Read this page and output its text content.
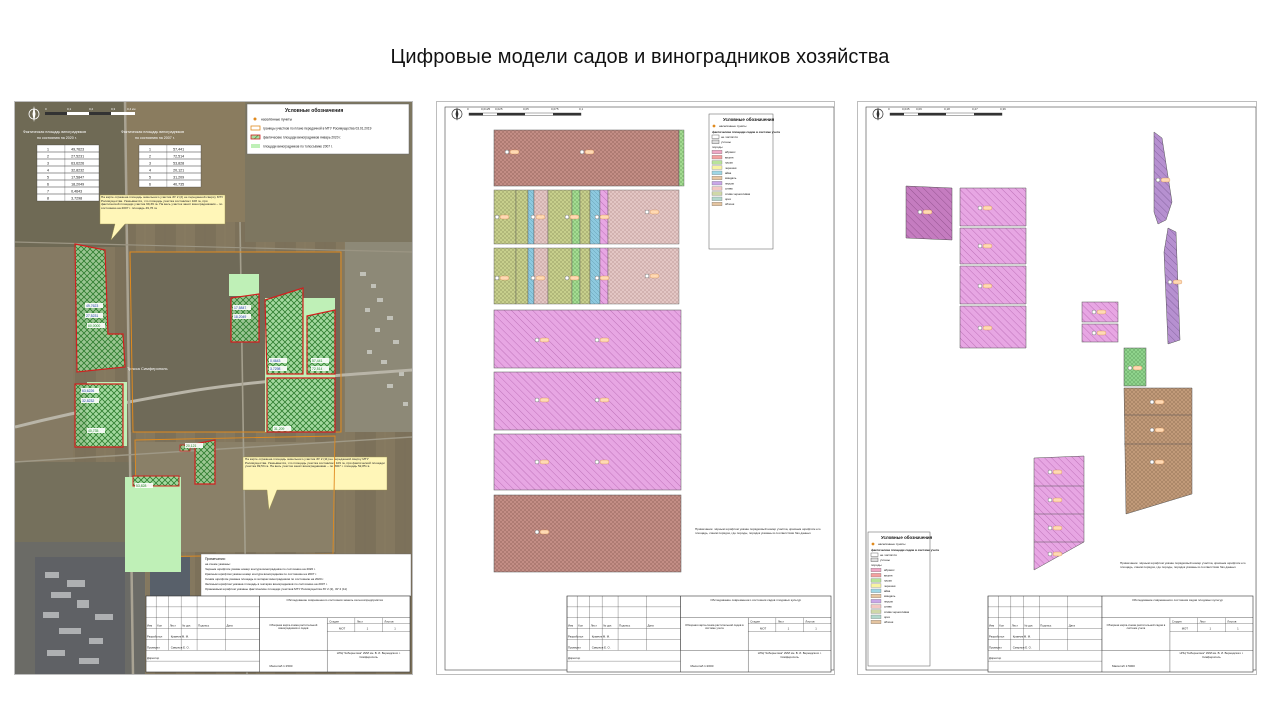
Цифровые модели садов и виноградников хозяйства
Трасса Симферополь
0	0,1	0,2	0,3	0,4 км
Фактическая площадь виноградников
по состоянию на 2020 г.
1	49,7623
2	27,5231
3	63,6226
4	32,8232
5	17,5847
6	18,2049
7	0,4643
8	3,7298
Фактическая площадь виноградников
по состоянию на 2007 г.
1	57,441
2	72,514
3	53,828
4	20,121
5	31,209
6	40,735
Условные обозначения
населённые пункты
границы участков по плане передачной в МТУ Росимущества 03.01.2019
фактические площади виноградников январь 2020 г.
площади виноградников по топосъёмке 2007 г.
На карте отражена площадь земельного участка ЗУ 2 (2) не переданной сверху МТУ Росимущества. Указывается, что площадь участка составляет 108 га, при фактической площади участка 99,39 га. На весь участок занят виноградниками – по состоянию на 2007 г. площадь 49,76 га
На карте отражена площадь земельного участка ЗУ 2 (11) не переданной сверху МТУ Росимущества. Указывается, что площадь участка составляет 109 га, при фактической площади участка 99,53 га. На весь участок занят виноградниками – по 2007 г. площадь 52,85 га
49,7623
27,5231
63,6226
32,8232
17,5847
18,2049
0,4643
3,7298
57,441
72,514
53,828
20,121
31,209
40,735
60,0000
Примечания:
на схеме указаны:
Черным шрифтом указан номер контура виноградника по состоянию на 2020 г.
Красным шрифтом указан номер контура виноградника по состоянию на 2007 г.
Синим шрифтом указана площадь в гектарах виноградников по состоянию на 2020 г.
Зелёным шрифтом указана площадь в гектарах виноградников по состоянию на 2007 г.
Оранжевым шрифтом указаны фактические площади участков МТУ Росимущества ЗУ 2 (2), ЗУ 2 (11)
Изм Кол	Лист № док	Подпись	Дата
Разработал	Кравчик М. М.
Проверил	Смирнов Е. О.
Директор
Обследование современного состояния земель сельхозпредприятия
Обзорная карта-схема растительной виноградников и садов
Стадия
МОТ
Лист
1
Листов
1
НПЦ "Кибернетика" ИИИ им. В. И. Вернадского г. Симферополь
Масштаб 1:1500
0	0,0125 0,025	0,05	0,075	0,1
Условные обозначения
населённые пункты
фактические площади садов в системе учета
не числятся
учтены
породы
абрикос
вишня
груша
черешня
айва
миндаль
персик
слива
слива черносливая
орех
яблоня
Примечание: чёрным шрифтом указан порядковый номер участка, красным шрифтом его площадь, синим порядок, где породы, порядок указаны в соответствии баз данных
Изм Кол	Лист № док	Подпись	Дата
Разработал	Кравчик М. М.
Проверил	Смирнов Е. О.
Директор
Обследование современного состояния садов плодовых культур
Обзорная карта-схема растительной садов в системе учета
Стадия
МОТ
Лист
1
Листов
1
НПЦ "Кибернетика" ИИИ им. В. И. Вернадского г. Симферополь
Масштаб 1:2000
0	0,045 0,09	0,18	0,27	0,36
Условные обозначения
населённые пункты
фактические площади садов в системе учета
не числятся
учтены
породы
абрикос
вишня
груша
черешня
айва
миндаль
персик
слива
слива черносливая
орех
яблоня
Примечание: чёрным шрифтом указан порядковый номер участка, красным шрифтом его площадь, синим порядок, где породы, порядок указаны в соответствии баз данных
Изм Кол	Лист № док	Подпись	Дата
Разработал	Кравчик М. М.
Проверил	Смирнов Е. О.
Директор
Обследование современного состояния садов плодовых культур
Обзорная карта-схема растительной садов в системе учета
Стадия
МОТ
Лист
1
Листов
1
НПЦ "Кибернетика" ИИИ им. В. И. Вернадского г. Симферополь
Масштаб 1:5000
